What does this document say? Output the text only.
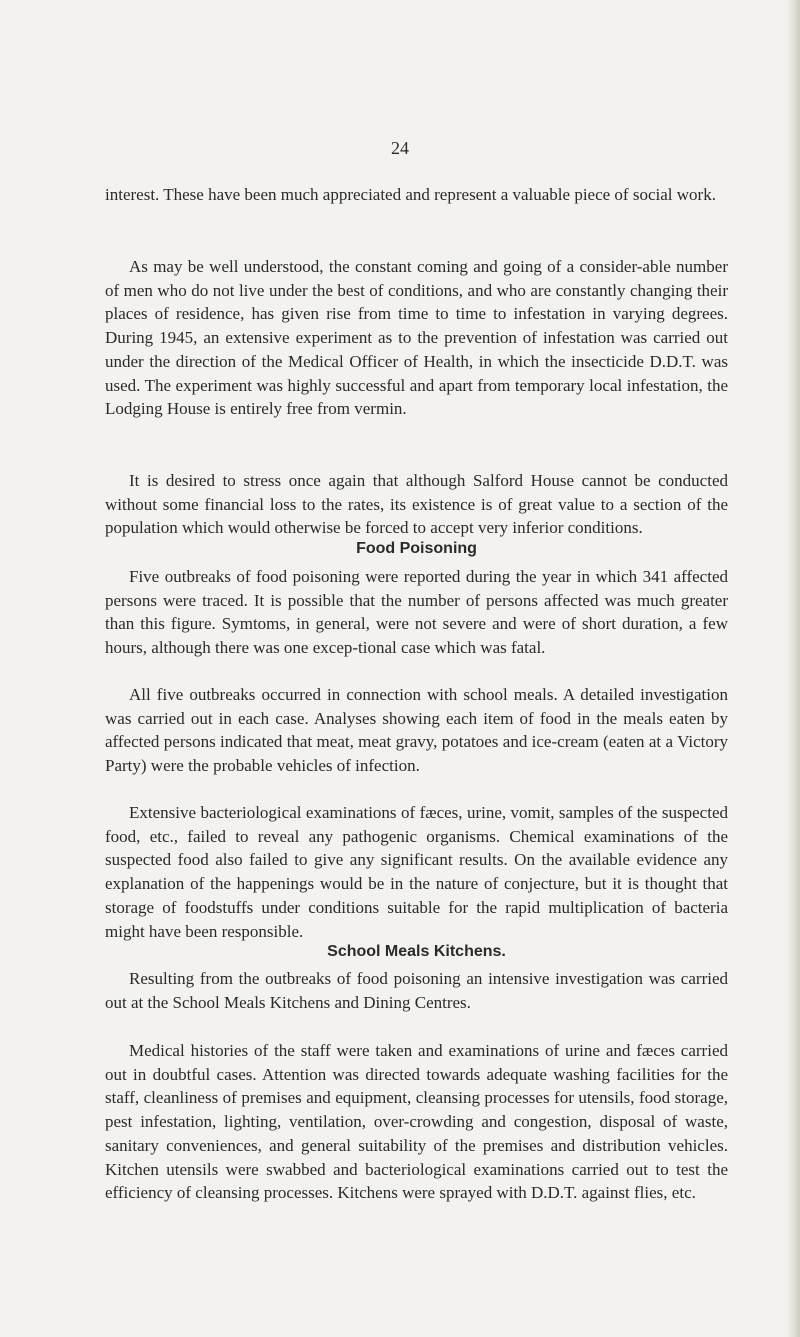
24

interest. These have been much appreciated and represent a valuable piece of social work.

As may be well understood, the constant coming and going of a consider-able number of men who do not live under the best of conditions, and who are constantly changing their places of residence, has given rise from time to time to infestation in varying degrees. During 1945, an extensive experiment as to the prevention of infestation was carried out under the direction of the Medical Officer of Health, in which the insecticide D.D.T. was used. The experiment was highly successful and apart from temporary local infestation, the Lodging House is entirely free from vermin.

It is desired to stress once again that although Salford House cannot be conducted without some financial loss to the rates, its existence is of great value to a section of the population which would otherwise be forced to accept very inferior conditions.

Food Poisoning

Five outbreaks of food poisoning were reported during the year in which 341 affected persons were traced. It is possible that the number of persons affected was much greater than this figure. Symtoms, in general, were not severe and were of short duration, a few hours, although there was one excep-tional case which was fatal.

All five outbreaks occurred in connection with school meals. A detailed investigation was carried out in each case. Analyses showing each item of food in the meals eaten by affected persons indicated that meat, meat gravy, potatoes and ice-cream (eaten at a Victory Party) were the probable vehicles of infection.

Extensive bacteriological examinations of fæces, urine, vomit, samples of the suspected food, etc., failed to reveal any pathogenic organisms. Chemical examinations of the suspected food also failed to give any significant results. On the available evidence any explanation of the happenings would be in the nature of conjecture, but it is thought that storage of foodstuffs under conditions suitable for the rapid multiplication of bacteria might have been responsible.

School Meals Kitchens.

Resulting from the outbreaks of food poisoning an intensive investigation was carried out at the School Meals Kitchens and Dining Centres.

Medical histories of the staff were taken and examinations of urine and fæces carried out in doubtful cases. Attention was directed towards adequate washing facilities for the staff, cleanliness of premises and equipment, cleansing processes for utensils, food storage, pest infestation, lighting, ventilation, over-crowding and congestion, disposal of waste, sanitary conveniences, and general suitability of the premises and distribution vehicles. Kitchen utensils were swabbed and bacteriological examinations carried out to test the efficiency of cleansing processes. Kitchens were sprayed with D.D.T. against flies, etc.
